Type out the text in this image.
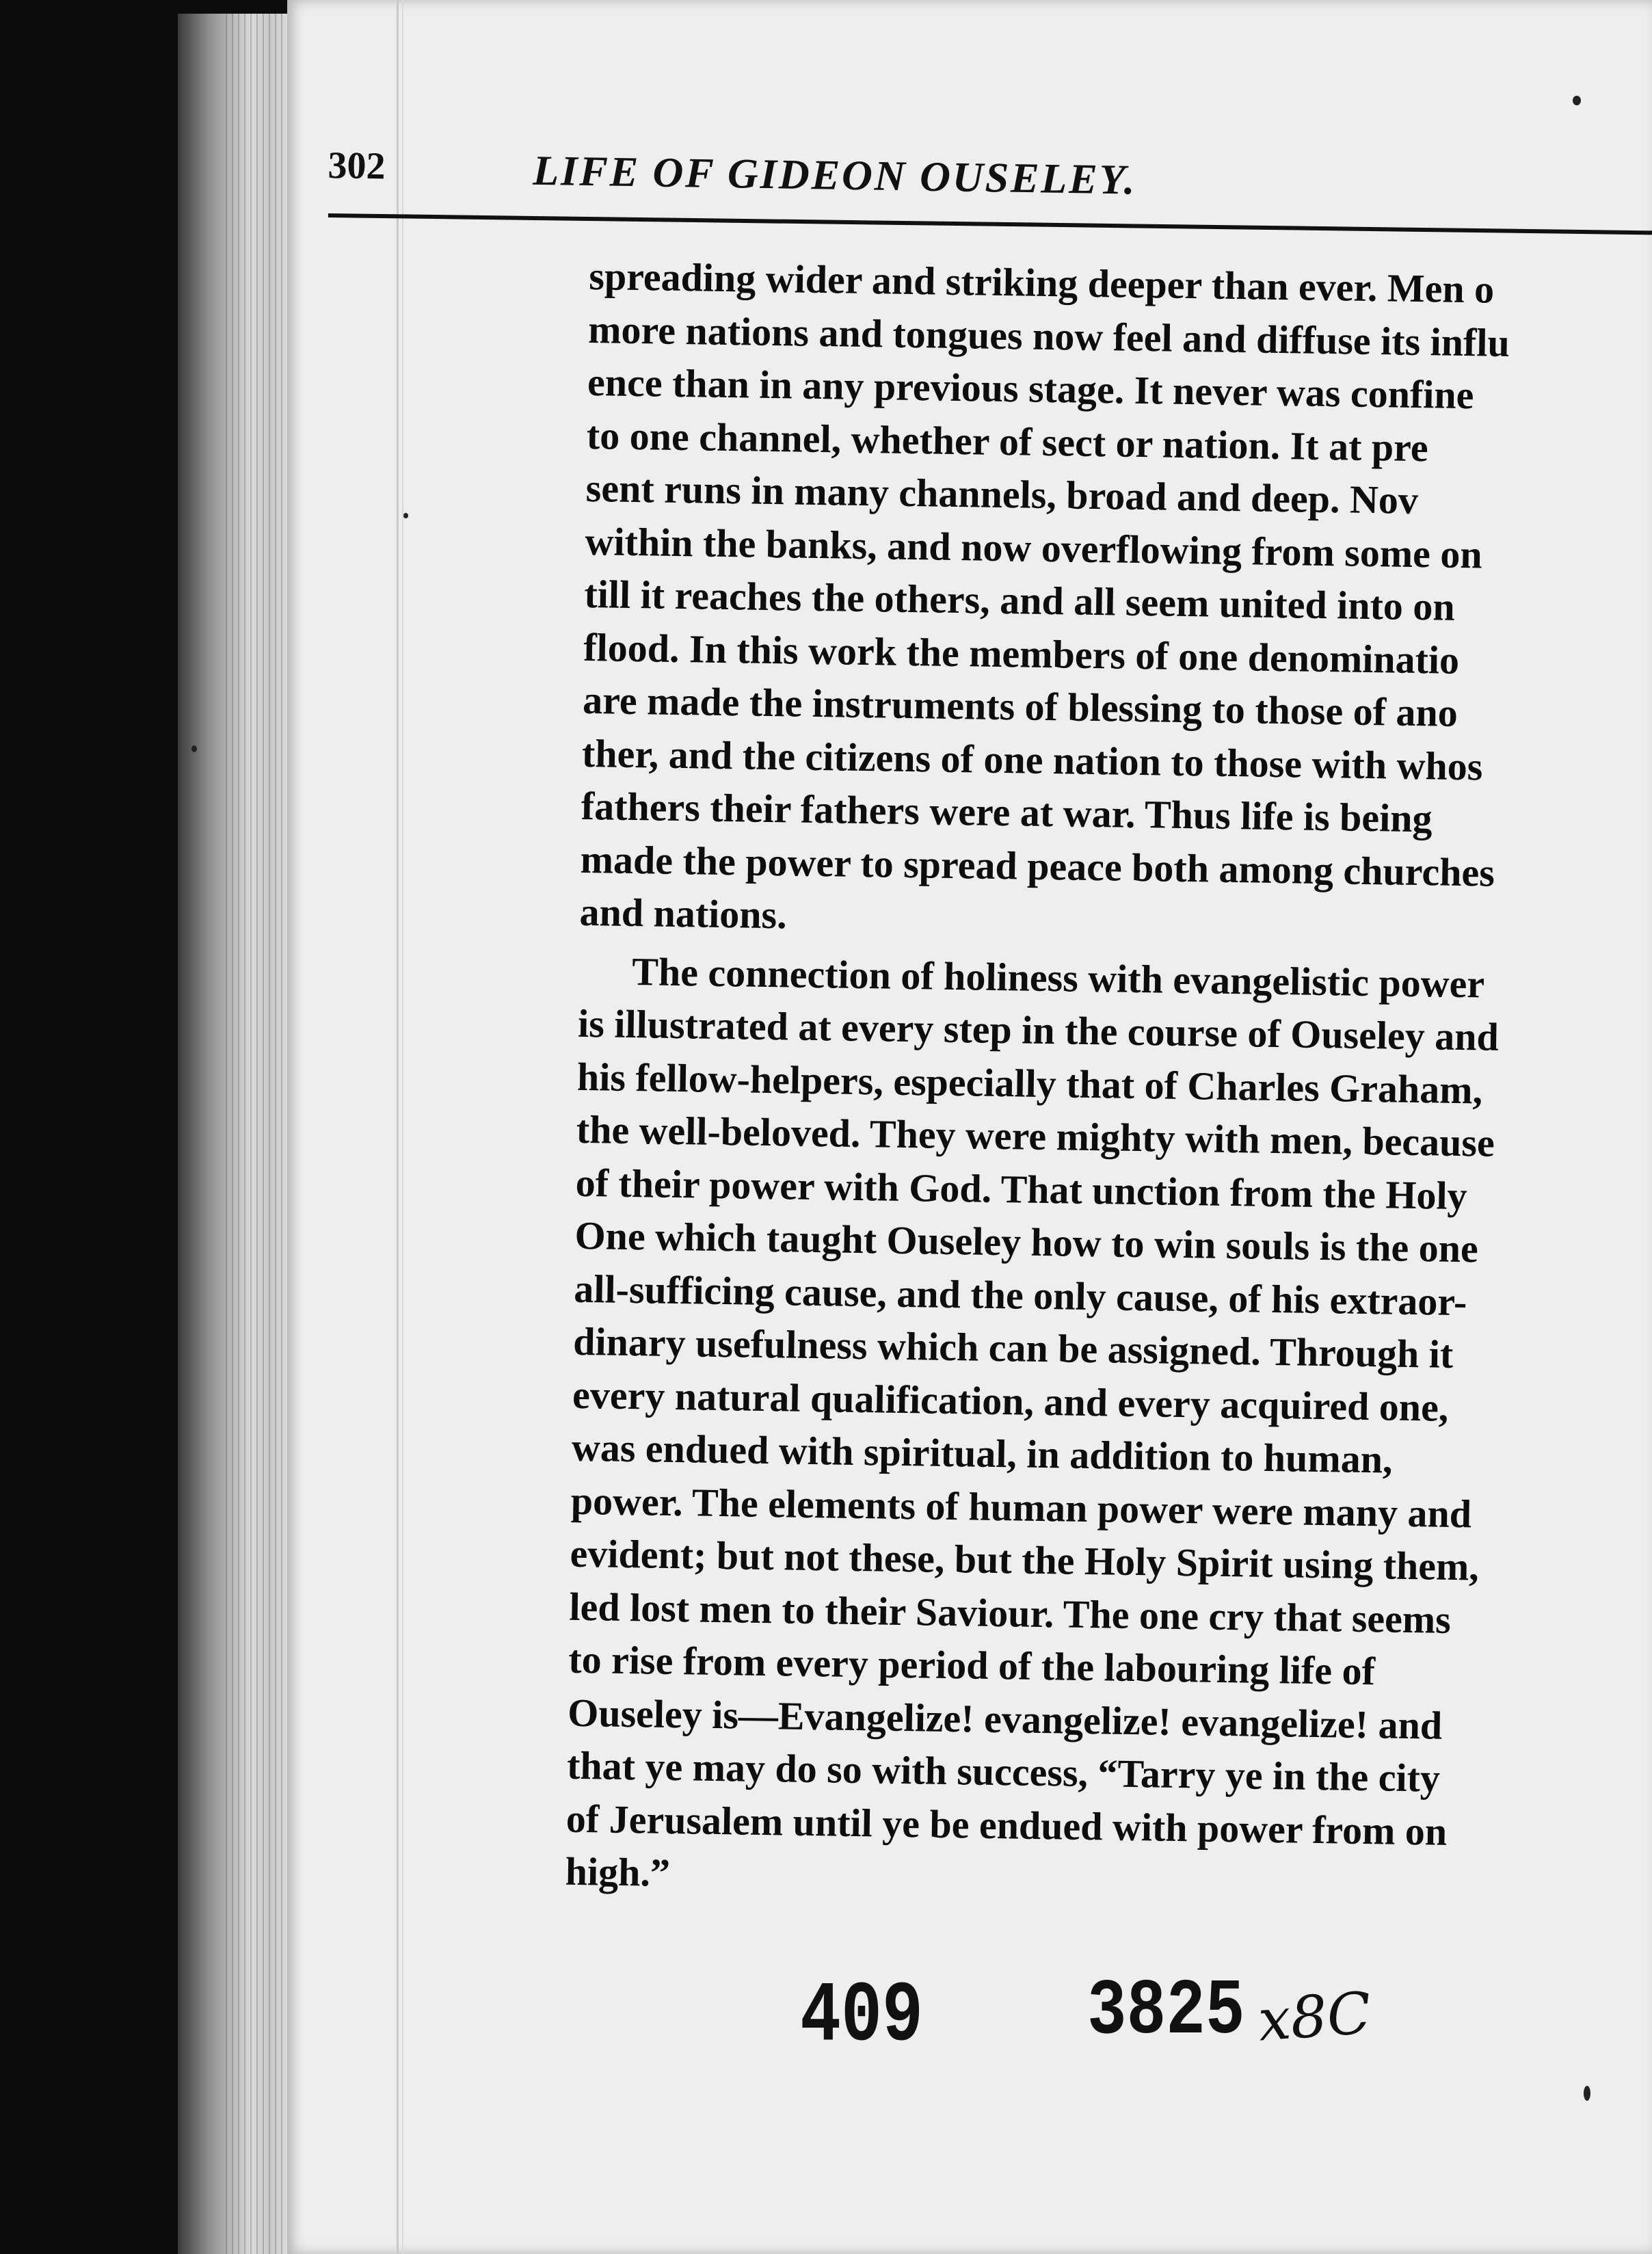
302	LIFE OF GIDEON OUSELEY.
spreading wider and striking deeper than ever. Men o
more nations and tongues now feel and diffuse its influ
ence than in any previous stage. It never was confine
to one channel, whether of sect or nation. It at pre
sent runs in many channels, broad and deep. Nov
within the banks, and now overflowing from some on
till it reaches the others, and all seem united into on
flood. In this work the members of one denominatio
are made the instruments of blessing to those of ano
ther, and the citizens of one nation to those with whos
fathers their fathers were at war. Thus life is being
made the power to spread peace both among churches
and nations.
The connection of holiness with evangelistic power
is illustrated at every step in the course of Ouseley and
his fellow-helpers, especially that of Charles Graham,
the well-beloved. They were mighty with men, because
of their power with God. That unction from the Holy
One which taught Ouseley how to win souls is the one
all-sufficing cause, and the only cause, of his extraor-
dinary usefulness which can be assigned. Through it
every natural qualification, and every acquired one,
was endued with spiritual, in addition to human,
power. The elements of human power were many and
evident; but not these, but the Holy Spirit using them,
led lost men to their Saviour. The one cry that seems
to rise from every period of the labouring life of
Ouseley is—Evangelize! evangelize! evangelize! and
that ye may do so with success, “Tarry ye in the city
of Jerusalem until ye be endued with power from on
high.”
409 3825 x8C
